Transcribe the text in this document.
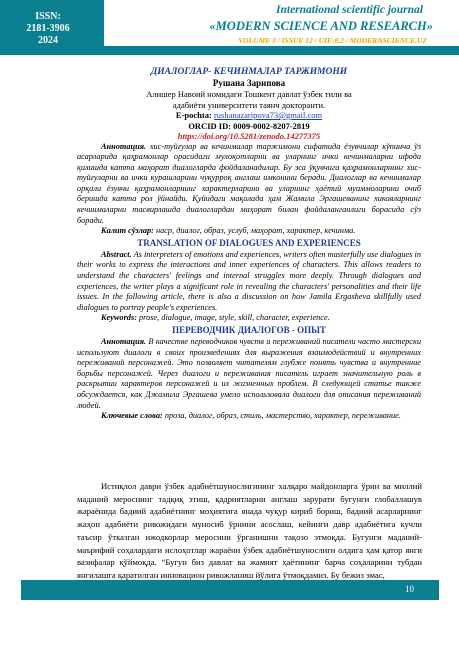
ISSN:
2181-3906
2024
International scientific journal
«MODERN SCIENCE AND RESEARCH»
VOLUME 3 / ISSUE 12 / UIF:8.2 / MODERNSCIENCE.UZ
ДИАЛОГЛАР- КЕЧИНМАЛАР ТАРЖИМОНИ
Рушана Зарипова
Алишер Навоий номидаги Тошкент давлат ўзбек тили ва
адабиёти университети таянч докторанти.
E-pochta: rushanazaripova73@gmail.com
ORCID ID: 0009-0002-8207-2819
https://doi.org/10.5281/zenodo.14277375

Аннотация. хис-туйғулар ва кечинмалар таржимони сифатида ёзувчилар кўпинча ўз асарларида қаҳрамонлар орасидаги мулоқотларни ва уларнинг ички кечинмаларни ифода қилишда катта маҳорат диалоглардa фойдаланадилар. Бу эса ўқувчига қаҳрамонларнинг хис-туйғуларни ва ички курашларини чуқурроқ англаш имконини беради. Диалоглар ва кечинмалар орқали ёзувчи қаҳрамонларнинг характерларини ва уларнинг ҳаётий муаммоларини очиб беришда катта рол ўйнайди. Қуйидаги мақолада ҳам Жамила Эргашеванинг хикояларнинг кечинмаларни тасвирлашда диалоглардан маҳорат билан фойдаланганлиги борасида сўз боради.

Калит сўзлар: наср, диалог, образ, услуб, маҳорат, характер, кечинма.
TRANSLATION OF DIALOGUES AND EXPERIENCES

Abstract. As interpreters of emotions and experiences, writers often masterfully use dialogues in their works to express the interactions and inner experiences of characters. This allows readers to understand the characters' feelings and internal struggles more deeply. Through dialogues and experiences, the writer plays a significant role in revealing the characters' personalities and their life issues. In the following article, there is also a discussion on how Jamila Ergasheva skillfully used dialogues to portray people's experiences.

Keywords: prose, dialogue, image, style, skill, character, experience.
ПЕРЕВОДЧИК ДИАЛОГОВ - ОПЫТ

Аннотация. В качестве переводчиков чувств и переживаний писатели часто мастерски используют диалоги в своих произведениях для выражения взаимодействий и внутренних переживаний персонажей. Это позволяет читателям глубже понять чувства и внутренние борьбы персонажей. Через диалоги и переживания писатель играет значительную роль в раскрытии характеров персонажей и их жизненных проблем. В следующей статье также обсуждается, как Джамила Эргашева умело использовала диалоги для описания переживаний людей.

Ключевые слова: проза, диалог, образ, стиль, мастерство, характер, переживание.

Истиқлол даври ўзбек адабиётшунослигининг халқаро майдонларга ўрин ва миллий маданий мероснинг тадқиқ этиш, қадриятларни англаш зарурати бугунги глобаллашув жараёнида бадиий адабиётнинг моҳиятига янада чуқур кириб бориш, бадиий асарларнинг жаҳон адабиёти ривожидаги муносиб ўрнини асослаш, кейинги давр адабиётига кучли таъсир ўтказган ижодкорлар меросини ўрганишни тақозо этмоқда. Бугунги маданий-маърифий соҳалардаги ислоҳотлар жараёни ўзбек адабиётшунослиги олдига ҳам қатор янги вазифалар қўймоқда. “Бугун биз давлат ва жамият ҳаётининг барча соҳаларини тубдан янгилашга қаратилган инновацион ривожланиш йўлига ўтмоқдамиз. Бу бежиз эмас,

10
